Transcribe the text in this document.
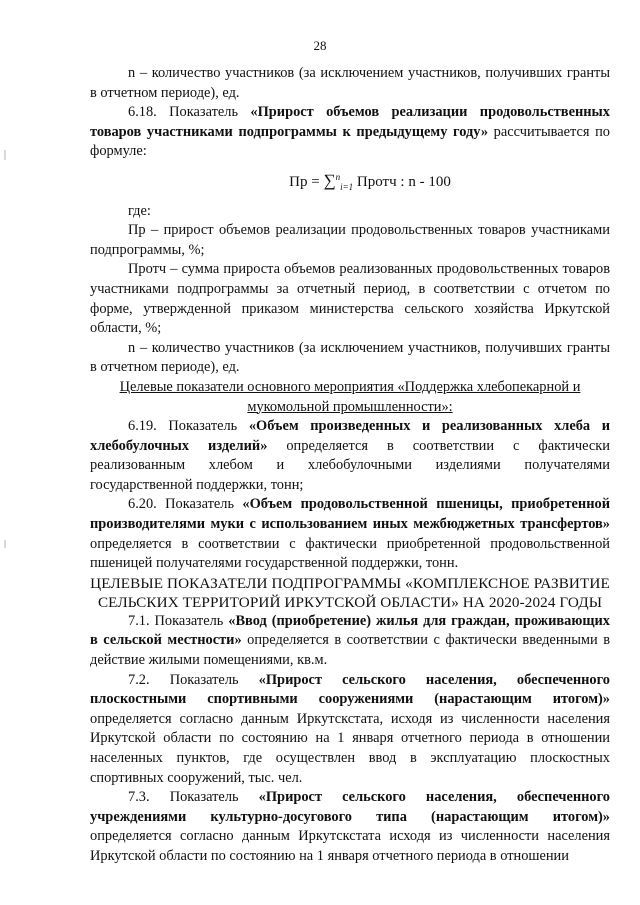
28

n – количество участников (за исключением участников, получивших гранты в отчетном периоде), ед.

6.18. Показатель «Прирост объемов реализации продовольственных товаров участниками подпрограммы к предыдущему году» рассчитывается по формуле:

Пр = ∑$^n_{i=1}$ Протч : n - 100

где:

Пр – прирост объемов реализации продовольственных товаров участниками подпрограммы, %;

Протч – сумма прироста объемов реализованных продовольственных товаров участниками подпрограммы за отчетный период, в соответствии с отчетом по форме, утвержденной приказом министерства сельского хозяйства Иркутской области, %;

n – количество участников (за исключением участников, получивших гранты в отчетном периоде), ед.

Целевые показатели основного мероприятия «Поддержка хлебопекарной и мукомольной промышленности»:

6.19. Показатель «Объем произведенных и реализованных хлеба и хлебобулочных изделий» определяется в соответствии с фактически реализованным хлебом и хлебобулочными изделиями получателями государственной поддержки, тонн;

6.20. Показатель «Объем продовольственной пшеницы, приобретенной производителями муки с использованием иных межбюджетных трансфертов» определяется в соответствии с фактически приобретенной продовольственной пшеницей получателями государственной поддержки, тонн.

ЦЕЛЕВЫЕ ПОКАЗАТЕЛИ ПОДПРОГРАММЫ «КОМПЛЕКСНОЕ РАЗВИТИЕ СЕЛЬСКИХ ТЕРРИТОРИЙ ИРКУТСКОЙ ОБЛАСТИ» НА 2020-2024 ГОДЫ

7.1. Показатель «Ввод (приобретение) жилья для граждан, проживающих в сельской местности» определяется в соответствии с фактически введенными в действие жилыми помещениями, кв.м.

7.2. Показатель «Прирост сельского населения, обеспеченного плоскостными спортивными сооружениями (нарастающим итогом)» определяется согласно данным Иркутскстата, исходя из численности населения Иркутской области по состоянию на 1 января отчетного периода в отношении населенных пунктов, где осуществлен ввод в эксплуатацию плоскостных спортивных сооружений, тыс. чел.

7.3. Показатель «Прирост сельского населения, обеспеченного учреждениями культурно-досугового типа (нарастающим итогом)» определяется согласно данным Иркутскстата исходя из численности населения Иркутской области по состоянию на 1 января отчетного периода в отношении
